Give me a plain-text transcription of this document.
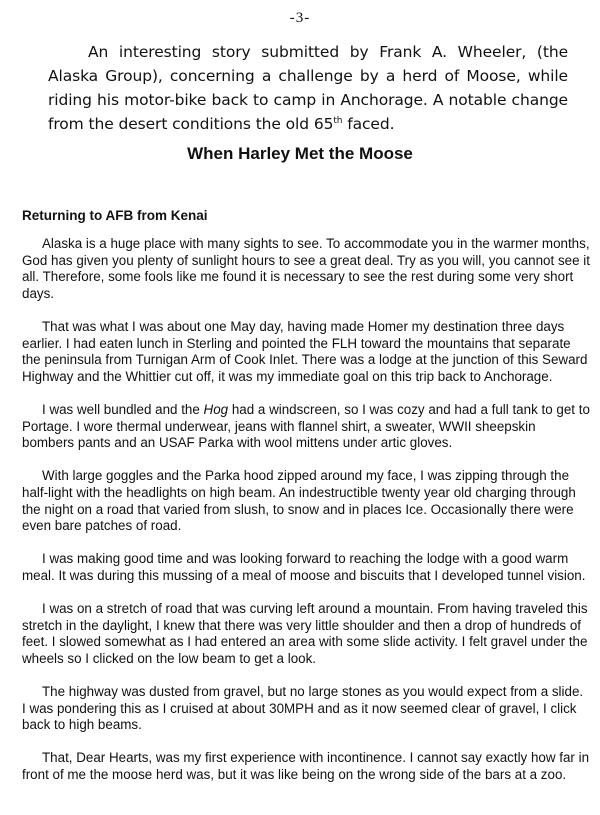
-3-

An interesting story submitted by Frank A. Wheeler, (the Alaska Group), concerning a challenge by a herd of Moose, while riding his motor-bike back to camp in Anchorage. A notable change from the desert conditions the old 65th faced.

When Harley Met the Moose
Returning to AFB from Kenai

Alaska is a huge place with many sights to see. To accommodate you in the warmer months, God has given you plenty of sunlight hours to see a great deal. Try as you will, you cannot see it all. Therefore, some fools like me found it is necessary to see the rest during some very short days.

That was what I was about one May day, having made Homer my destination three days earlier. I had eaten lunch in Sterling and pointed the FLH toward the mountains that separate the peninsula from Turnigan Arm of Cook Inlet. There was a lodge at the junction of this Seward Highway and the Whittier cut off, it was my immediate goal on this trip back to Anchorage.

I was well bundled and the Hog had a windscreen, so I was cozy and had a full tank to get to Portage. I wore thermal underwear, jeans with flannel shirt, a sweater, WWII sheepskin bombers pants and an USAF Parka with wool mittens under artic gloves.

With large goggles and the Parka hood zipped around my face, I was zipping through the half-light with the headlights on high beam. An indestructible twenty year old charging through the night on a road that varied from slush, to snow and in places Ice. Occasionally there were even bare patches of road.

I was making good time and was looking forward to reaching the lodge with a good warm meal. It was during this mussing of a meal of moose and biscuits that I developed tunnel vision.

I was on a stretch of road that was curving left around a mountain. From having traveled this stretch in the daylight, I knew that there was very little shoulder and then a drop of hundreds of feet. I slowed somewhat as I had entered an area with some slide activity. I felt gravel under the wheels so I clicked on the low beam to get a look.

The highway was dusted from gravel, but no large stones as you would expect from a slide. I was pondering this as I cruised at about 30MPH and as it now seemed clear of gravel, I click back to high beams.

That, Dear Hearts, was my first experience with incontinence. I cannot say exactly how far in front of me the moose herd was, but it was like being on the wrong side of the bars at a zoo.
